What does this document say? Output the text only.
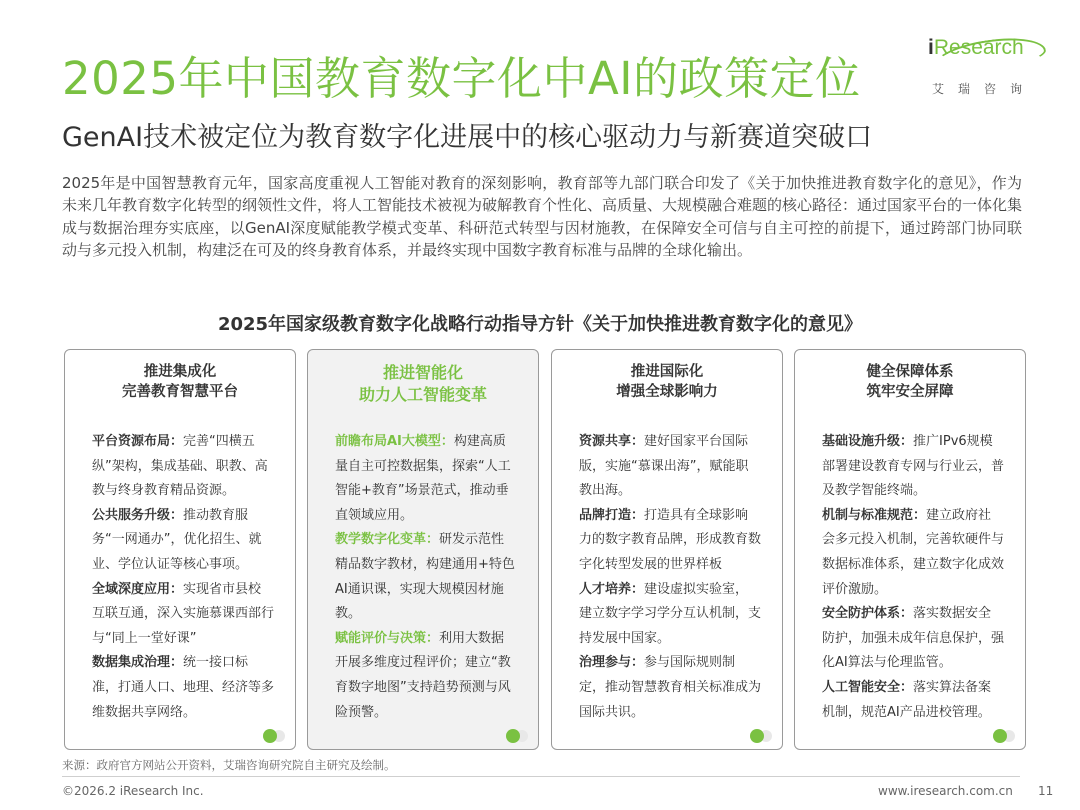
2025年中国教育数字化中AI的政策定位
GenAI技术被定位为教育数字化进展中的核心驱动力与新赛道突破口
iResearch
艾瑞咨询
2025年是中国智慧教育元年，国家高度重视人工智能对教育的深刻影响，教育部等九部门联合印发了《关于加快推进教育数字化的意见》，作为未来几年教育数字化转型的纲领性文件，将人工智能技术被视为破解教育个性化、高质量、大规模融合难题的核心路径：通过国家平台的一体化集成与数据治理夯实底座，以GenAI深度赋能教学模式变革、科研范式转型与因材施教，在保障安全可信与自主可控的前提下，通过跨部门协同联动与多元投入机制，构建泛在可及的终身教育体系，并最终实现中国数字教育标准与品牌的全球化输出。
2025年国家级教育数字化战略行动指导方针《关于加快推进教育数字化的意见》
推进集成化
完善教育智慧平台
平台资源布局：完善“四横五纵”架构，集成基础、职教、高教与终身教育精品资源。
公共服务升级：推动教育服务“一网通办”，优化招生、就业、学位认证等核心事项。
全域深度应用：实现省市县校互联互通，深入实施慕课西部行与“同上一堂好课”
数据集成治理：统一接口标准，打通人口、地理、经济等多维数据共享网络。
推进智能化
助力人工智能变革
前瞻布局AI大模型：构建高质量自主可控数据集，探索“人工智能+教育”场景范式，推动垂直领域应用。
教学数字化变革：研发示范性精品数字教材，构建通用+特色AI通识课，实现大规模因材施教。
赋能评价与决策：利用大数据开展多维度过程评价；建立“教育数字地图”支持趋势预测与风险预警。
推进国际化
增强全球影响力
资源共享：建好国家平台国际版，实施“慕课出海”，赋能职教出海。
品牌打造：打造具有全球影响力的数字教育品牌，形成教育数字化转型发展的世界样板
人才培养：建设虚拟实验室，建立数字学习学分互认机制，支持发展中国家。
治理参与：参与国际规则制定，推动智慧教育相关标准成为国际共识。
健全保障体系
筑牢安全屏障
基础设施升级：推广IPv6规模部署建设教育专网与行业云，普及教学智能终端。
机制与标准规范：建立政府社会多元投入机制，完善软硬件与数据标准体系，建立数字化成效评价激励。
安全防护体系：落实数据安全防护，加强未成年信息保护，强化AI算法与伦理监管。
人工智能安全：落实算法备案机制，规范AI产品进校管理。
来源：政府官方网站公开资料，艾瑞咨询研究院自主研究及绘制。
©2026.2 iResearch Inc.	www.iresearch.com.cn 11
